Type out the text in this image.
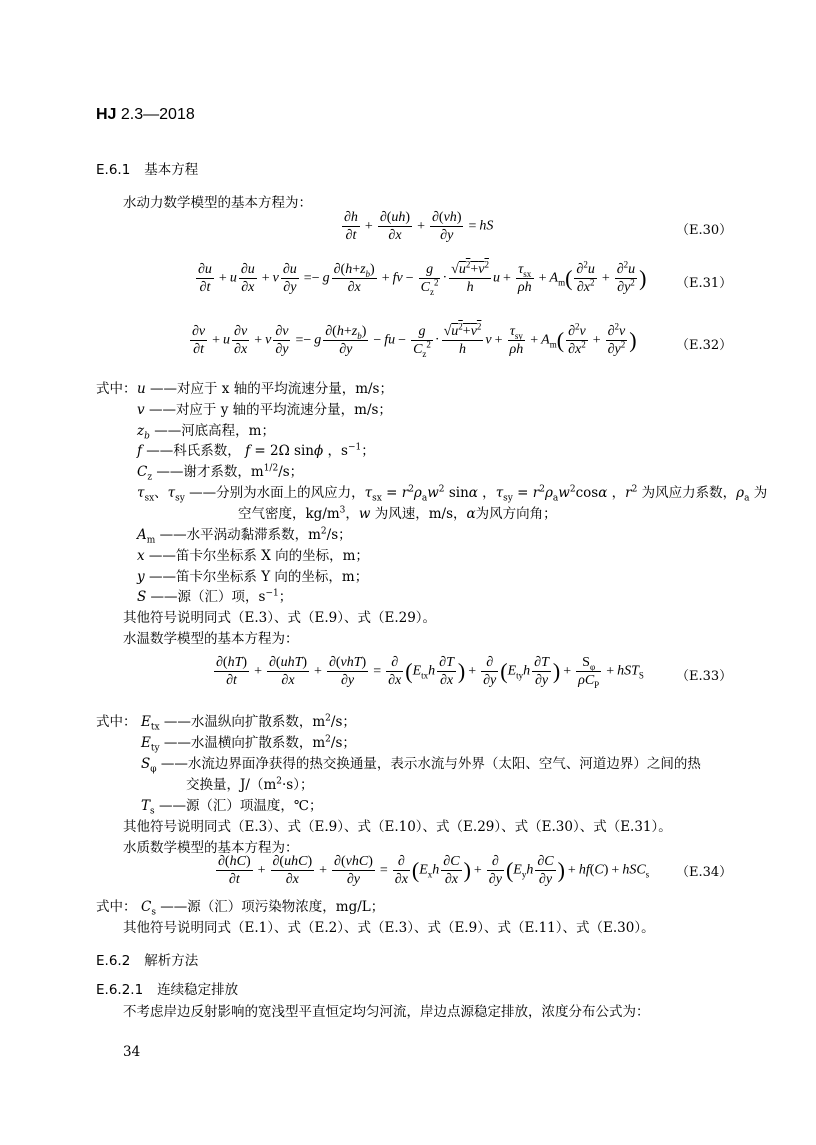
HJ 2.3—2018
E.6.1 基本方程
水动力数学模型的基本方程为：
$\frac{\partial h}{\partial t} + \frac{\partial(uh)}{\partial x} + \frac{\partial(vh)}{\partial y}$ = hS	（E.30）
$\frac{\partial u}{\partial t} + u \frac{\partial u}{\partial x} + v \frac{\partial u}{\partial y} =- g \frac{\partial(h+z_b)}{\partial x}$ + fv − $\frac{g}{C_z^2} \cdot \frac{√u^2+v^2}{h}$ $u + \frac{\tau_{sx}}{\rho h} + A_m( \frac{\partial^2u}{\partial x^2} + \frac{\partial^2u}{\partial y^2}$ ) （E.31）
$\frac{\partial v}{\partial t} + u \frac{\partial v}{\partial x} + v \frac{\partial v}{\partial y} =- g \frac{\partial(h+z_b)}{\partial y}$ − fu − $\frac{g}{C_z^2} \cdot \frac{√u^2+v^2}{h}$ $v + \frac{\tau_{sy}}{\rho h} + A_m( \frac{\partial^2v}{\partial x^2} + \frac{\partial^2v}{\partial y^2}$ )	（E.32）
式中： u ——对应于 x 轴的平均流速分量，m/s；
v ——对应于 y 轴的平均流速分量，m/s；
$z_b$ ——河底高程，m；
f ——科氏系数， f = 2Ω sinϕ ，$s^{-1}$；
$C_z$ ——谢才系数，$m^{1/2}/s$；
$\tau_{sx}$、$\tau_{sy}$ ——分别为水面上的风应力，$\tau_{sx} = r^2\rho_aw^2$ sinα ，$\tau_{sy} = r^2\rho_aw^2\cos\alpha$ ，$r^2$ 为风应力系数，$\rho_a$ 为
空气密度，$kg/m^3$，w 为风速，m/s，α为风方向角；
$A_m$ ——水平涡动黏滞系数，$m^2/s$；
x ——笛卡尔坐标系 X 向的坐标，m；
y ——笛卡尔坐标系 Y 向的坐标，m；
S ——源（汇）项，$s^{-1}$；
其他符号说明同式（E.3）、式（E.9）、式（E.29）。
水温数学模型的基本方程为：
$\frac{\partial(hT)}{\partial t} + \frac{\text{∂(uhT)}}{\partial x} + \frac{\text{∂(vhT)}}{\partial y} = \frac{\partial}{\partial x} (E_{tx}h \frac{\partial T}{\partial x}$ ) + $\frac{\partial}{\partial y} (E_{ty}h \frac{\partial T}{\partial y}$ ) + $\frac{S_\varphi}{\rho C_P} + hST_S$ （E.33）
式中： $E_{tx}$ ——水温纵向扩散系数，$m^2/s$；
$E_{ty}$ ——水温横向扩散系数，$m^2/s$；
$S_\varphi$ ——水流边界面净获得的热交换通量，表示水流与外界（太阳、空气、河道边界）之间的热
交换量，$J/(m^2\cdot s)$；
$T_s$ ——源（汇）项温度，℃；
其他符号说明同式（E.3）、式（E.9）、式（E.10）、式（E.29）、式（E.30）、式（E.31）。
水质数学模型的基本方程为：
$\frac{\partial(hC)}{\partial t} + \frac{\text{∂(uhC)}}{\partial x} + \frac{\text{∂(vhC)}}{\partial y} = \frac{\partial}{\partial x} (E_xh \frac{\partial C}{\partial x}$ ) + $\frac{\partial}{\partial y} (E_yh \frac{\partial C}{\partial y}$ ) + hf(C) + hSC$_s$ （E.34）
式中： $C_s$ ——源（汇）项污染物浓度，mg/L；
其他符号说明同式（E.1）、式（E.2）、式（E.3）、式（E.9）、式（E.11）、式（E.30）。
E.6.2 解析方法
E.6.2.1 连续稳定排放
不考虑岸边反射影响的宽浅型平直恒定均匀河流，岸边点源稳定排放，浓度分布公式为：
34
